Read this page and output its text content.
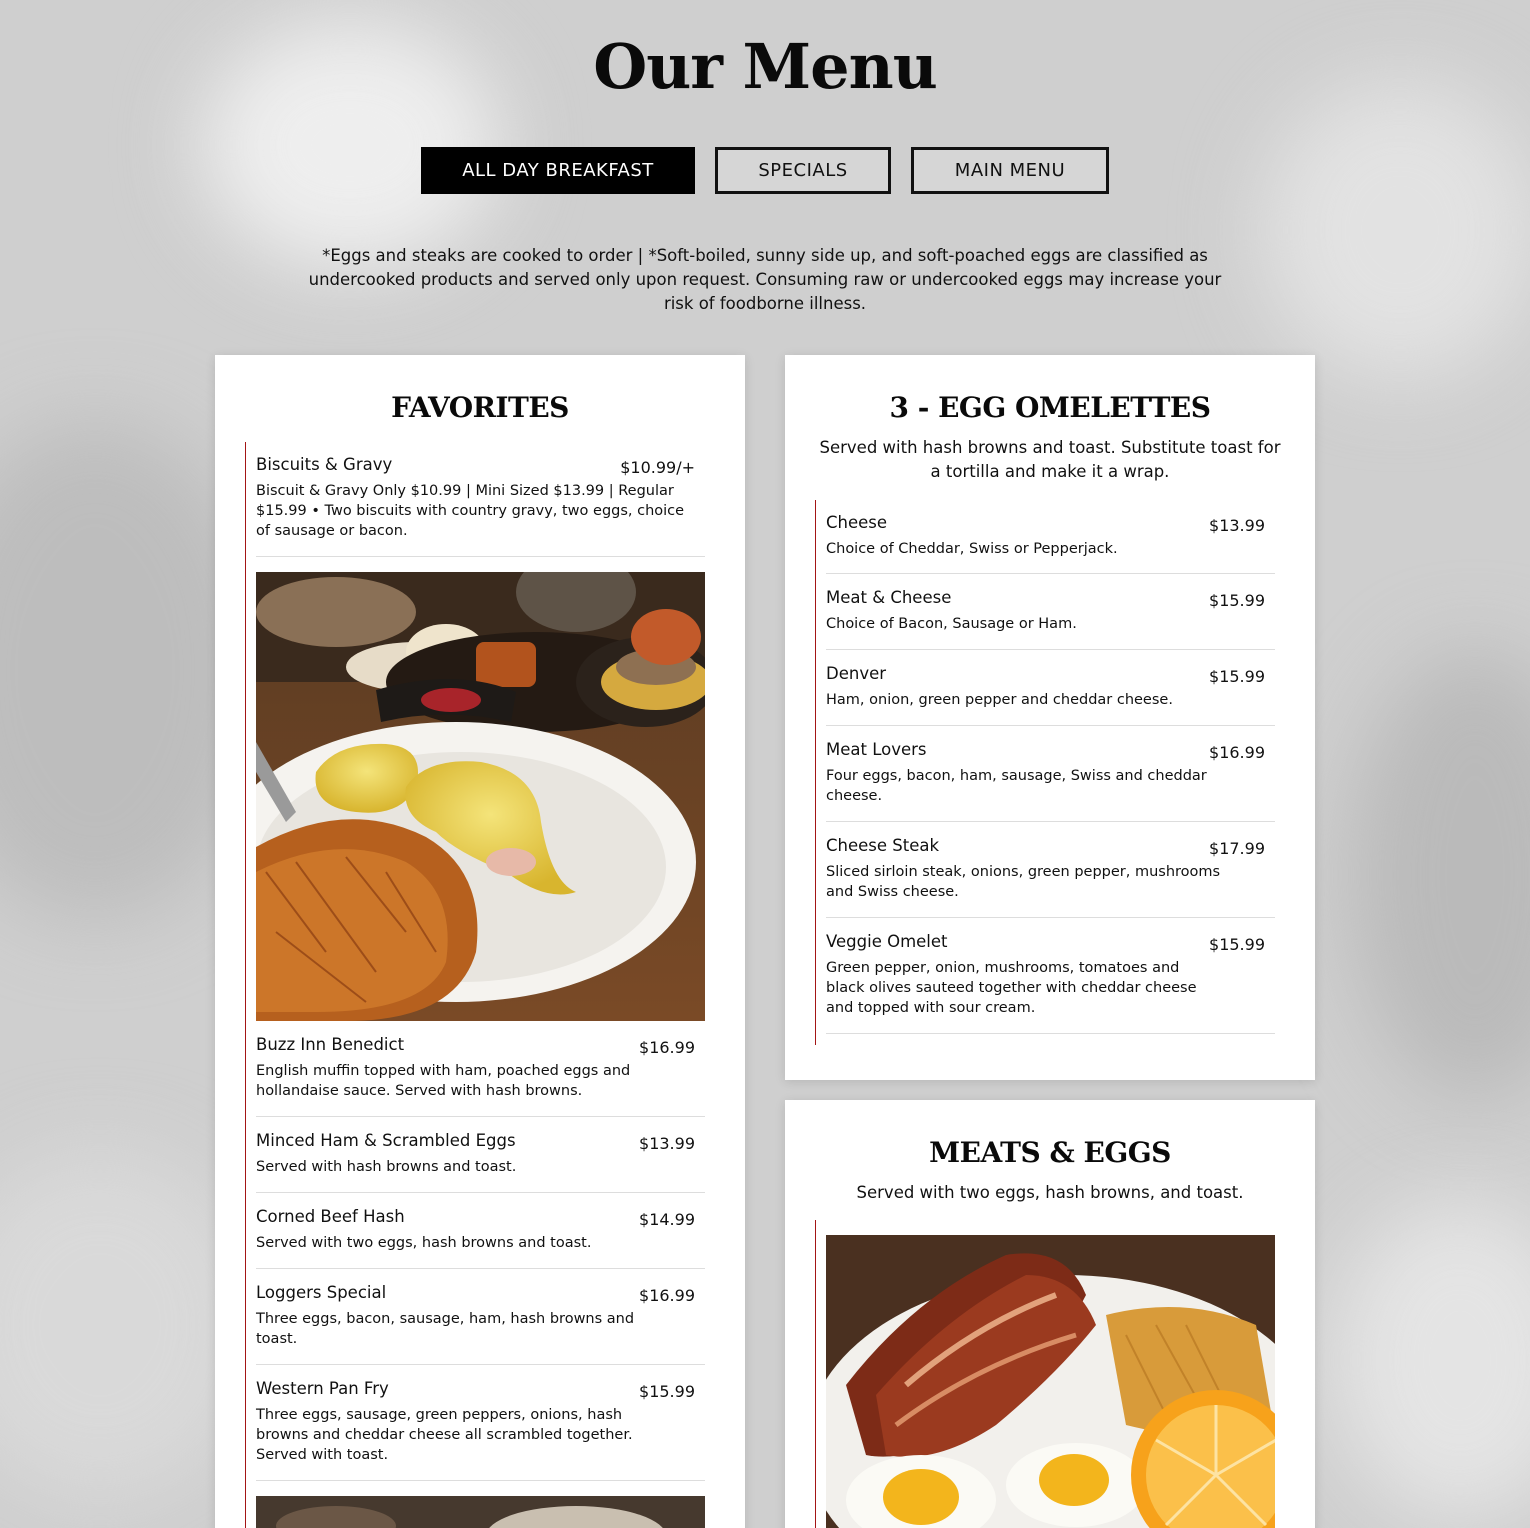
Our Menu
ALL DAY BREAKFAST	SPECIALS	MAIN MENU

*Eggs and steaks are cooked to order | *Soft-boiled, sunny side up, and soft-poached eggs are classified as undercooked products and served only upon request. Consuming raw or undercooked eggs may increase your risk of foodborne illness.

FAVORITES
Biscuits & Gravy	$10.99/+

Biscuit & Gravy Only $10.99 | Mini Sized $13.99 | Regular $15.99 • Two biscuits with country gravy, two eggs, choice of sausage or bacon.

Buzz Inn Benedict	$16.99

English muffin topped with ham, poached eggs and hollandaise sauce. Served with hash browns.

Minced Ham & Scrambled Eggs	$13.99

Served with hash browns and toast.

Corned Beef Hash	$14.99

Served with two eggs, hash browns and toast.

Loggers Special	$16.99

Three eggs, bacon, sausage, ham, hash browns and toast.

Western Pan Fry	$15.99

Three eggs, sausage, green peppers, onions, hash browns and cheddar cheese all scrambled together. Served with toast.

3 - EGG OMELETTES

Served with hash browns and toast. Substitute toast for a tortilla and make it a wrap.

Cheese	$13.99

Choice of Cheddar, Swiss or Pepperjack.

Meat & Cheese	$15.99

Choice of Bacon, Sausage or Ham.

Denver	$15.99

Ham, onion, green pepper and cheddar cheese.

Meat Lovers	$16.99

Four eggs, bacon, ham, sausage, Swiss and cheddar cheese.

Cheese Steak	$17.99

Sliced sirloin steak, onions, green pepper, mushrooms and Swiss cheese.

Veggie Omelet	$15.99

Green pepper, onion, mushrooms, tomatoes and black olives sauteed together with cheddar cheese and topped with sour cream.

MEATS & EGGS

Served with two eggs, hash browns, and toast.
